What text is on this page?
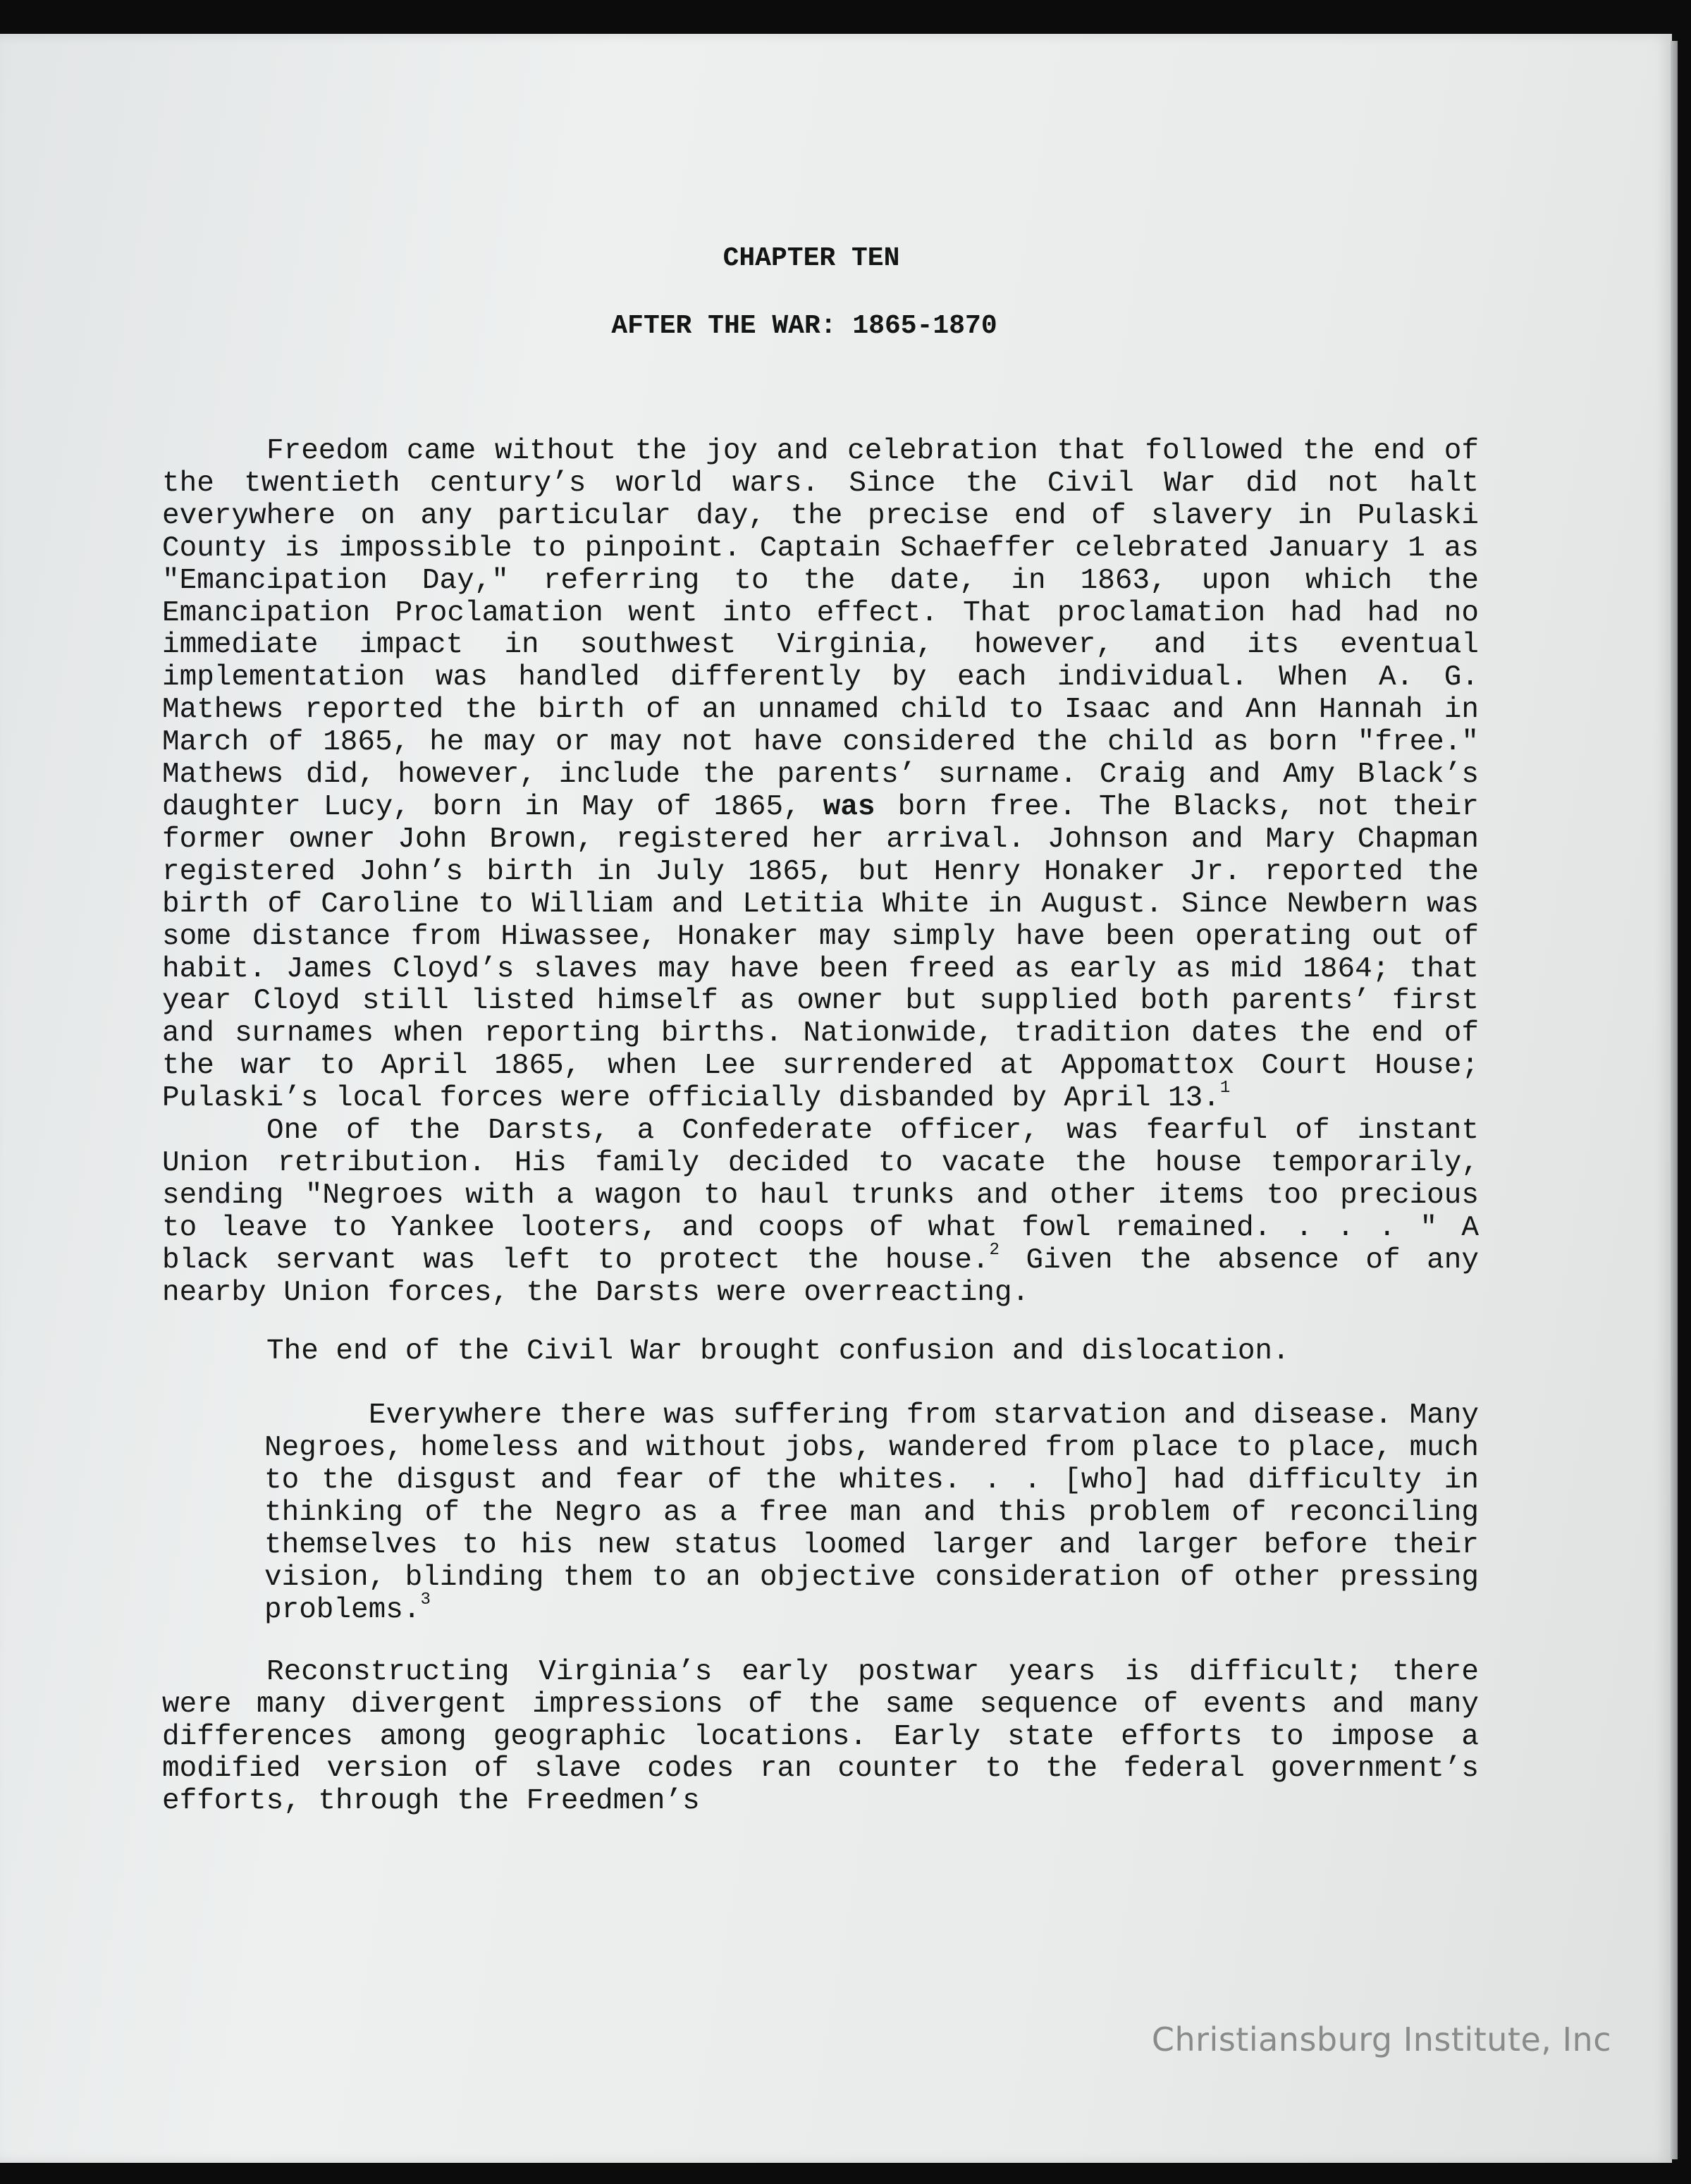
CHAPTER TEN
AFTER THE WAR: 1865-1870

Freedom came without the joy and celebration that followed the end of the twentieth century’s world wars. Since the Civil War did not halt everywhere on any particular day, the precise end of slavery in Pulaski County is impossible to pinpoint. Captain Schaeffer celebrated January 1 as "Emancipation Day," referring to the date, in 1863, upon which the Emancipation Proclamation went into effect. That proclamation had had no immediate impact in southwest Virginia, however, and its eventual implementation was handled differently by each individual. When A. G. Mathews reported the birth of an unnamed child to Isaac and Ann Hannah in March of 1865, he may or may not have considered the child as born "free." Mathews did, however, include the parents’ surname. Craig and Amy Black’s daughter Lucy, born in May of 1865, was born free. The Blacks, not their former owner John Brown, registered her arrival. Johnson and Mary Chapman registered John’s birth in July 1865, but Henry Honaker Jr. reported the birth of Caroline to William and Letitia White in August. Since Newbern was some distance from Hiwassee, Honaker may simply have been operating out of habit. James Cloyd’s slaves may have been freed as early as mid 1864; that year Cloyd still listed himself as owner but supplied both parents’ first and surnames when reporting births. Nationwide, tradition dates the end of the war to April 1865, when Lee surrendered at Appomattox Court House; Pulaski’s local forces were officially disbanded by April 13.$^1$

One of the Darsts, a Confederate officer, was fearful of instant Union retribution. His family decided to vacate the house temporarily, sending "Negroes with a wagon to haul trunks and other items too precious to leave to Yankee looters, and coops of what fowl remained. . . . " A black servant was left to protect the house.$^2$ Given the absence of any nearby Union forces, the Darsts were overreacting.

The end of the Civil War brought confusion and dislocation.

Everywhere there was suffering from starvation and disease. Many Negroes, homeless and without jobs, wandered from place to place, much to the disgust and fear of the whites. . . [who] had difficulty in thinking of the Negro as a free man and this problem of reconciling themselves to his new status loomed larger and larger before their vision, blinding them to an objective consideration of other pressing problems.$^3$

Reconstructing Virginia’s early postwar years is difficult; there were many divergent impressions of the same sequence of events and many differences among geographic locations. Early state efforts to impose a modified version of slave codes ran counter to the federal government’s efforts, through the Freedmen’s

Christiansburg Institute, Inc
